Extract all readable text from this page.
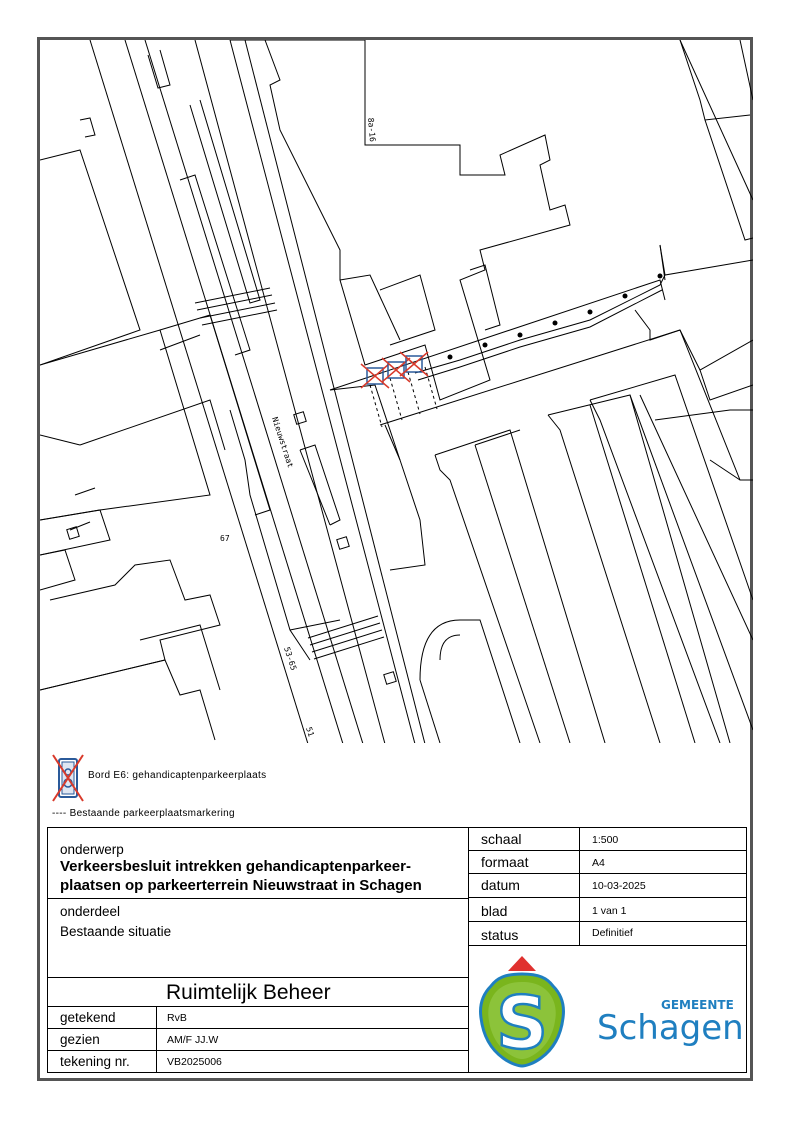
Nieuwstraat
8a-16
67
53-65
51
Bord E6: gehandicaptenparkeerplaats
---- Bestaande parkeerplaatsmarkering
onderwerp
Verkeersbesluit intrekken gehandicaptenparkeer-
plaatsen op parkeerterrein Nieuwstraat in Schagen
onderdeel
Bestaande situatie
Ruimtelijk Beheer
getekend	RvB
gezien	AM/F JJ.W
tekening nr.	VB2025006
schaal	1:500
formaat	A4
datum	10-03-2025
blad	1 van 1
status	Definitief
S	GEMEENTE
Schagen
